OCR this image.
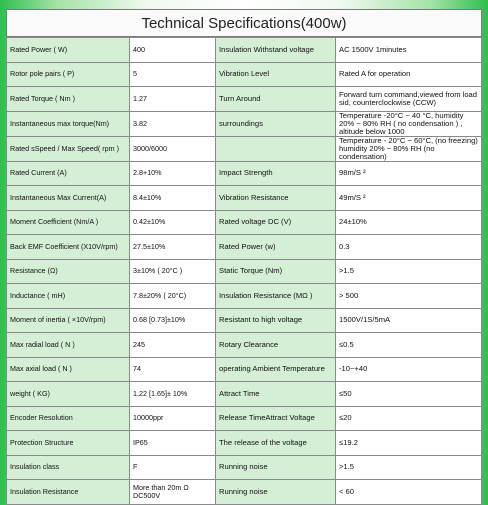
Technical Specifications(400w)
Rated Power ( W)	400	Insulation Withstand voltage	AC 1500V 1minutes
Rotor pole pairs ( P)	5	Vibration Level	Rated A for operation
Rated Torque ( Nm )	1.27	Turn Around	Forward turn command,viewed from load sid, counterclockwise (CCW)
Instantaneous max torque(Nm)	3.82	surroundings	Temperature -20°C ~ 40 °C, humidity 20% ~ 80% RH ( no condensation ) , altitude below 1000
Rated sSpeed / Max Speed( rpm )	3000/6000		Temperature - 20°C ~ 60°C, (no freezing) humidity 20% ~ 80% RH (no condensation)
Rated Current (A)	2.8+10%	Impact Strength	98m/S ²
Instantaneous Max Current(A)	8.4±10%	Vibration Resistance	49m/S ²
Moment Coefficient (Nm/A )	0.42±10%	Rated voltage DC (V)	24±10%
Back EMF Coefficient (X10V/rpm)	27.5±10%	Rated Power (w)	0.3
Resistance (Ω)	3±10% ( 20°C )	Static Torque (Nm)	>1.5
Inductance ( mH)	7.8±20% ( 20°C)	Insulation Resistance (MΩ )	> 500
Moment of inertia ( ×10V/rpm)	0.68 [0.73]±10%	Resistant to high voltage	1500V/1S/5mA
Max radial load ( N )	245	Rotary Clearance	≤0.5
Max axial load ( N )	74	operating Ambient Temperature	-10~+40
weight ( KG)	1.22 [1.65]± 10%	Attract Time	≤50
Encoder Resolution	10000ppr	Release TimeAttract Voltage	≤20
Protection Structure	IP65	The release of the voltage	≤19.2
Insulation class	F	Running noise	>1.5
Insulation Resistance	More than 20m Ω DC500V	Running noise	< 60
